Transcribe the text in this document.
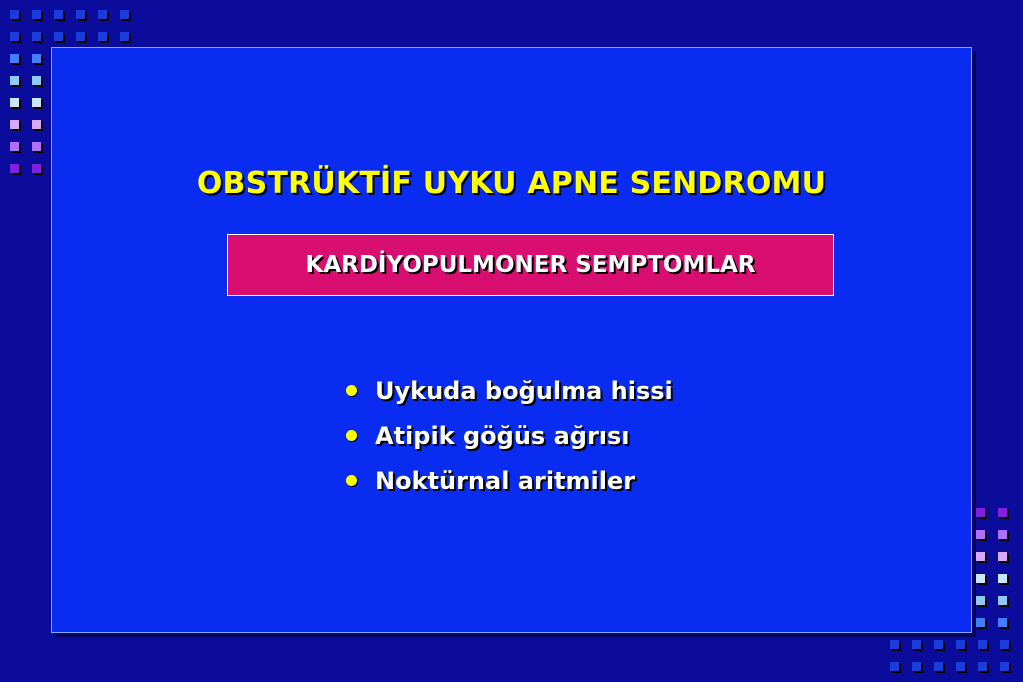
OBSTRÜKTİF UYKU APNE SENDROMU
KARDİYOPULMONER SEMPTOMLAR
Uykuda boğulma hissi
Atipik göğüs ağrısı
Noktürnal aritmiler
